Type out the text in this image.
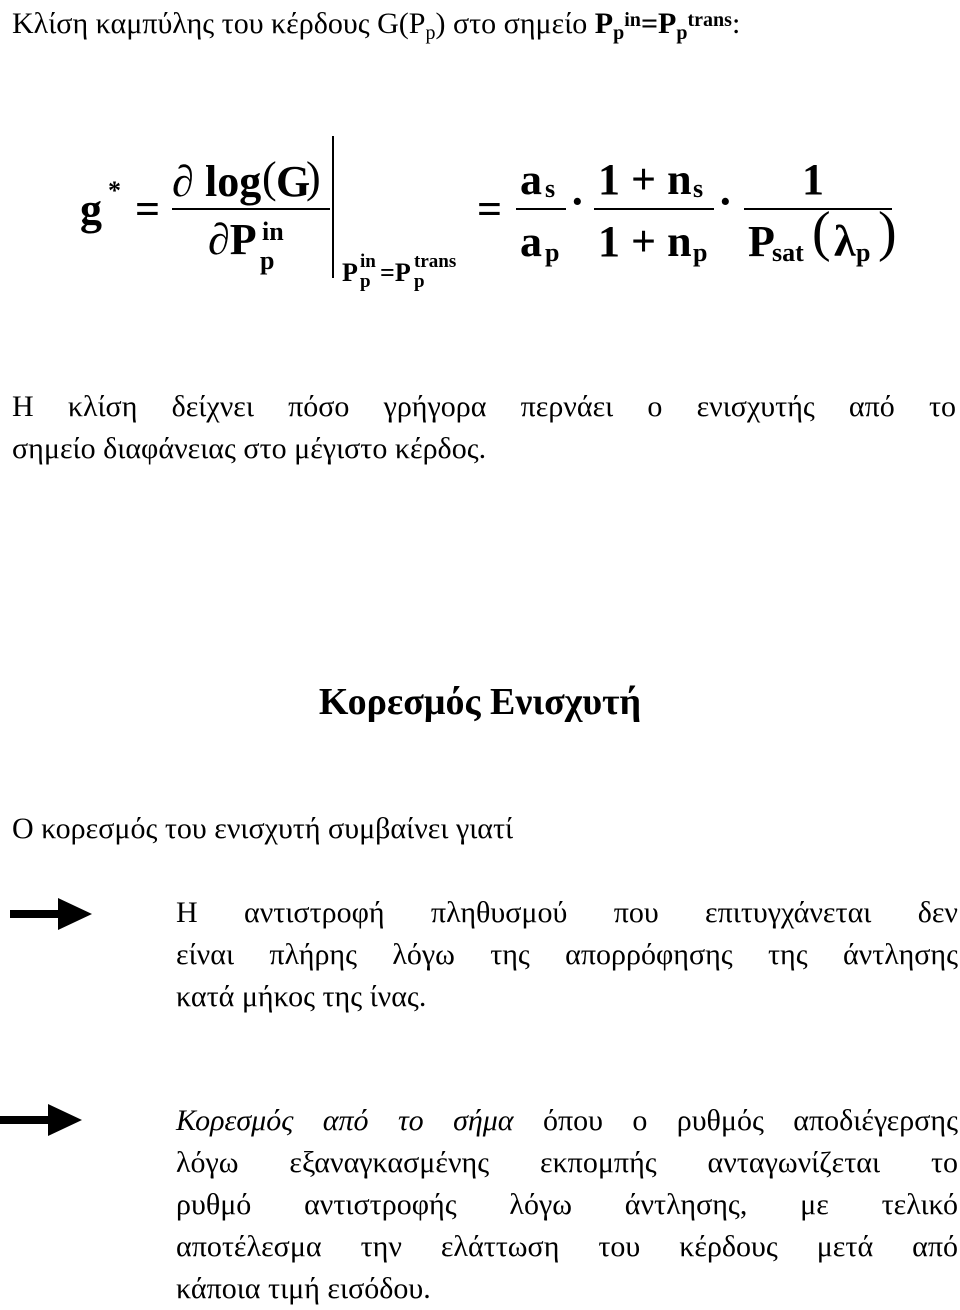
Κλίση καμπύλης του κέρδους $G(P_p)$ στο σημείο $P_p^{in}=P_p^{trans}$:
g * =
∂ log ( G
)
∂P in
p	P in
p =P trans
p
=
a s
a p
· 1 + n s
1 + n p
· 1
P
sat ( λ p )
Η κλίση δείχνει πόσο γρήγορα περνάει ο ενισχυτής από το
σημείο διαφάνειας στο μέγιστο κέρδος.
Κορεσμός Ενισχυτή
Ο κορεσμός του ενισχυτή συμβαίνει γιατί
Η αντιστροφή πληθυσμού που επιτυγχάνεται δεν
είναι πλήρης λόγω της απορρόφησης της άντλησης
κατά μήκος της ίνας.
Κορεσμός από το σήμα όπου ο ρυθμός αποδιέγερσης
λόγω εξαναγκασμένης εκπομπής ανταγωνίζεται το
ρυθμό αντιστροφής λόγω άντλησης, με τελικό
αποτέλεσμα την ελάττωση του κέρδους μετά από
κάποια τιμή εισόδου.
